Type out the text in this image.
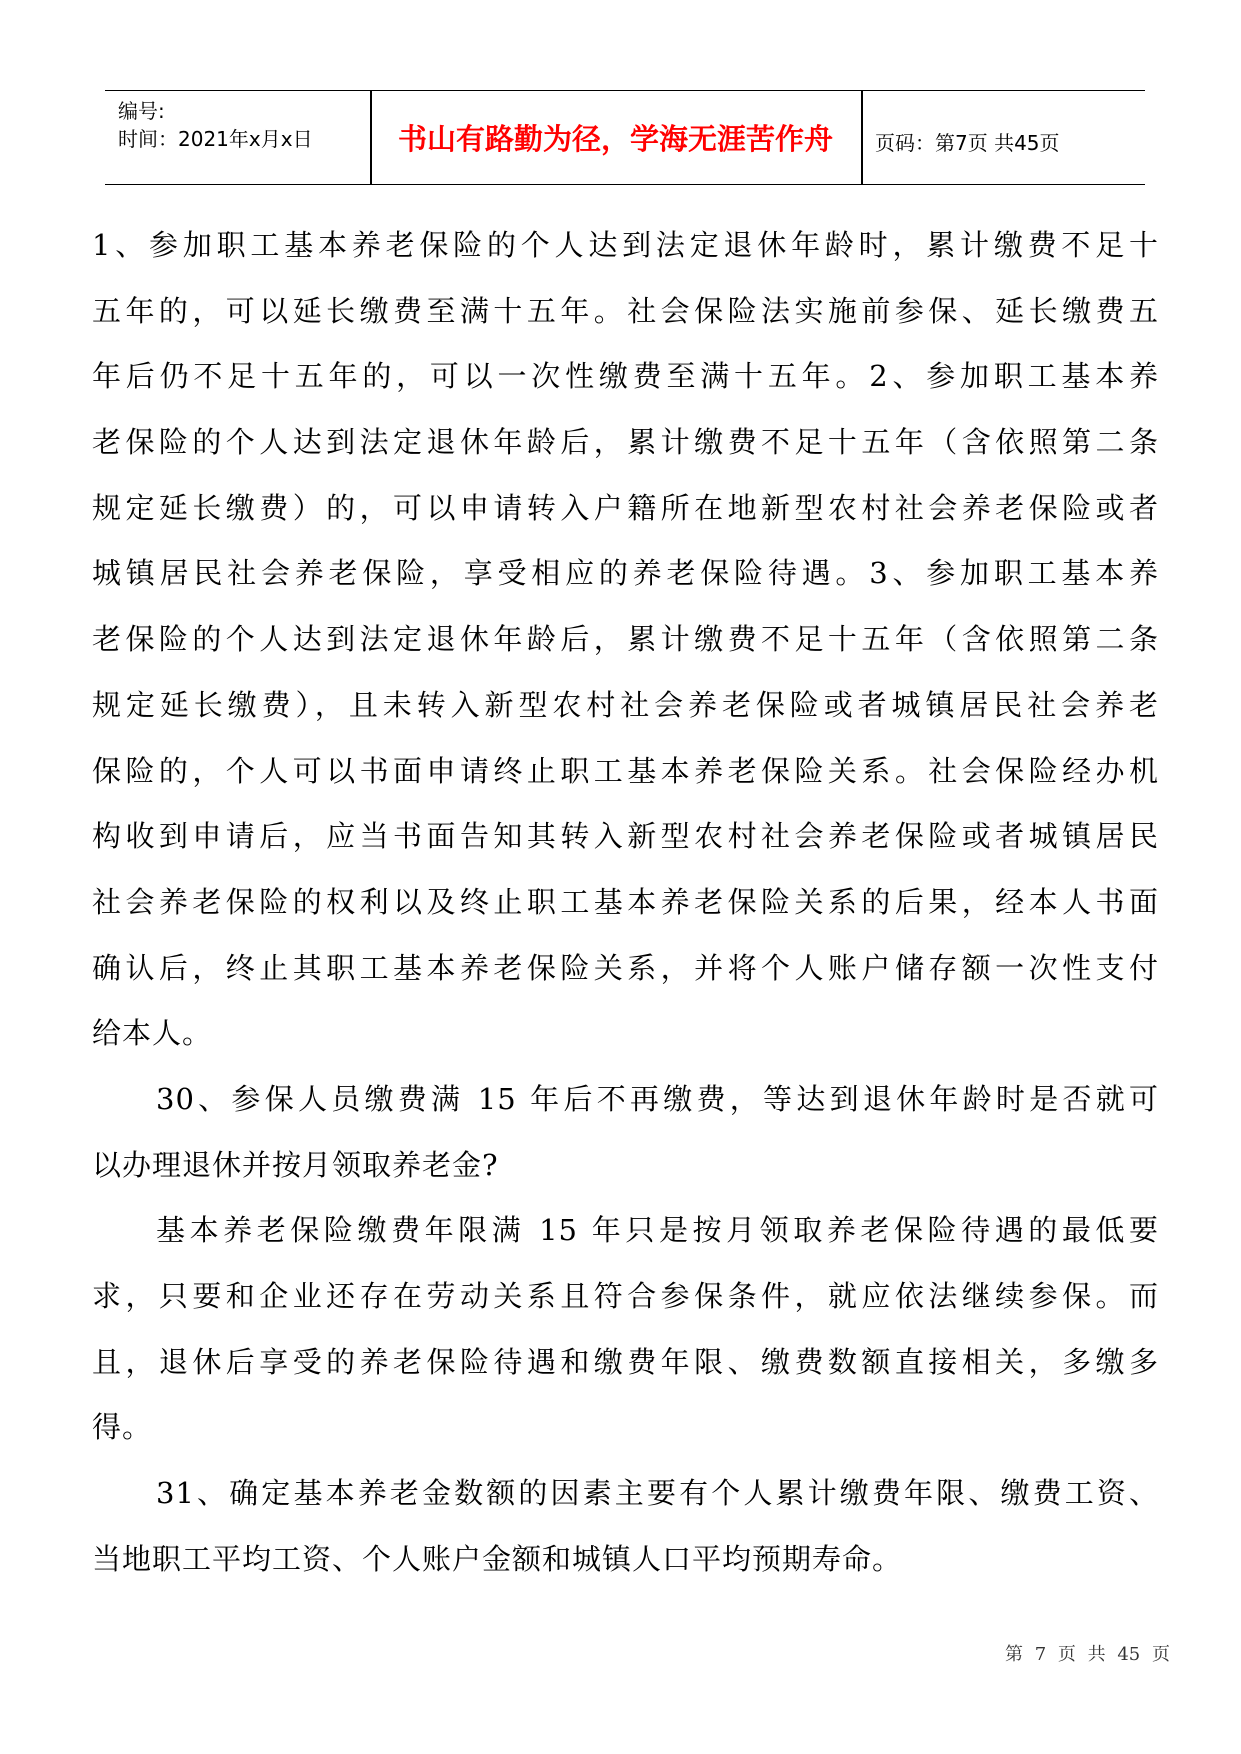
编号:
时间：2021年x月x日	书山有路勤为径，学海无涯苦作舟	页码：第7页 共45页
1、参加职工基本养老保险的个人达到法定退休年龄时，累计缴费不足十
五年的，可以延长缴费至满十五年。社会保险法实施前参保、延长缴费五
年后仍不足十五年的，可以一次性缴费至满十五年。2、参加职工基本养
老保险的个人达到法定退休年龄后，累计缴费不足十五年（含依照第二条
规定延长缴费）的，可以申请转入户籍所在地新型农村社会养老保险或者
城镇居民社会养老保险，享受相应的养老保险待遇。3、参加职工基本养
老保险的个人达到法定退休年龄后，累计缴费不足十五年（含依照第二条
规定延长缴费），且未转入新型农村社会养老保险或者城镇居民社会养老
保险的，个人可以书面申请终止职工基本养老保险关系。社会保险经办机
构收到申请后，应当书面告知其转入新型农村社会养老保险或者城镇居民
社会养老保险的权利以及终止职工基本养老保险关系的后果，经本人书面
确认后，终止其职工基本养老保险关系，并将个人账户储存额一次性支付
给本人。
30、参保人员缴费满 15 年后不再缴费，等达到退休年龄时是否就可
以办理退休并按月领取养老金?
基本养老保险缴费年限满 15 年只是按月领取养老保险待遇的最低要
求，只要和企业还存在劳动关系且符合参保条件，就应依法继续参保。而
且，退休后享受的养老保险待遇和缴费年限、缴费数额直接相关，多缴多
得。
31、确定基本养老金数额的因素主要有个人累计缴费年限、缴费工资、
当地职工平均工资、个人账户金额和城镇人口平均预期寿命。
第 7 页 共 45 页
